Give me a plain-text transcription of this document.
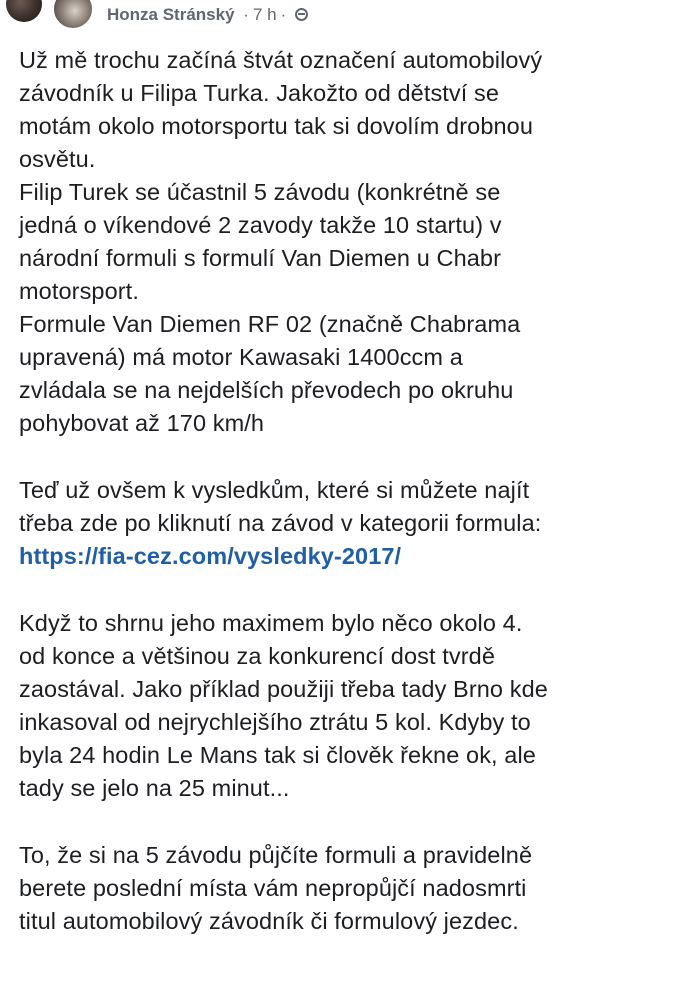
Honza Stránský · 7 h ·
Už mě trochu začíná štvát označení automobilový
závodník u Filipa Turka. Jakožto od dětství se
motám okolo motorsportu tak si dovolím drobnou
osvětu.
Filip Turek se účastnil 5 závodu (konkrétně se
jedná o víkendové 2 zavody takže 10 startu) v
národní formuli s formulí Van Diemen u Chabr
motorsport.
Formule Van Diemen RF 02 (značně Chabrama
upravená) má motor Kawasaki 1400ccm a
zvládala se na nejdelších převodech po okruhu
pohybovat až 170 km/h
Teď už ovšem k vysledkům, které si můžete najít
třeba zde po kliknutí na závod v kategorii formula:
https://fia-cez.com/vysledky-2017/
Když to shrnu jeho maximem bylo něco okolo 4.
od konce a většinou za konkurencí dost tvrdě
zaostával. Jako příklad použiji třeba tady Brno kde
inkasoval od nejrychlejšího ztrátu 5 kol. Kdyby to
byla 24 hodin Le Mans tak si člověk řekne ok, ale
tady se jelo na 25 minut...
To, že si na 5 závodu půjčíte formuli a pravidelně
berete poslední místa vám nepropůjčí nadosmrti
titul automobilový závodník či formulový jezdec.
